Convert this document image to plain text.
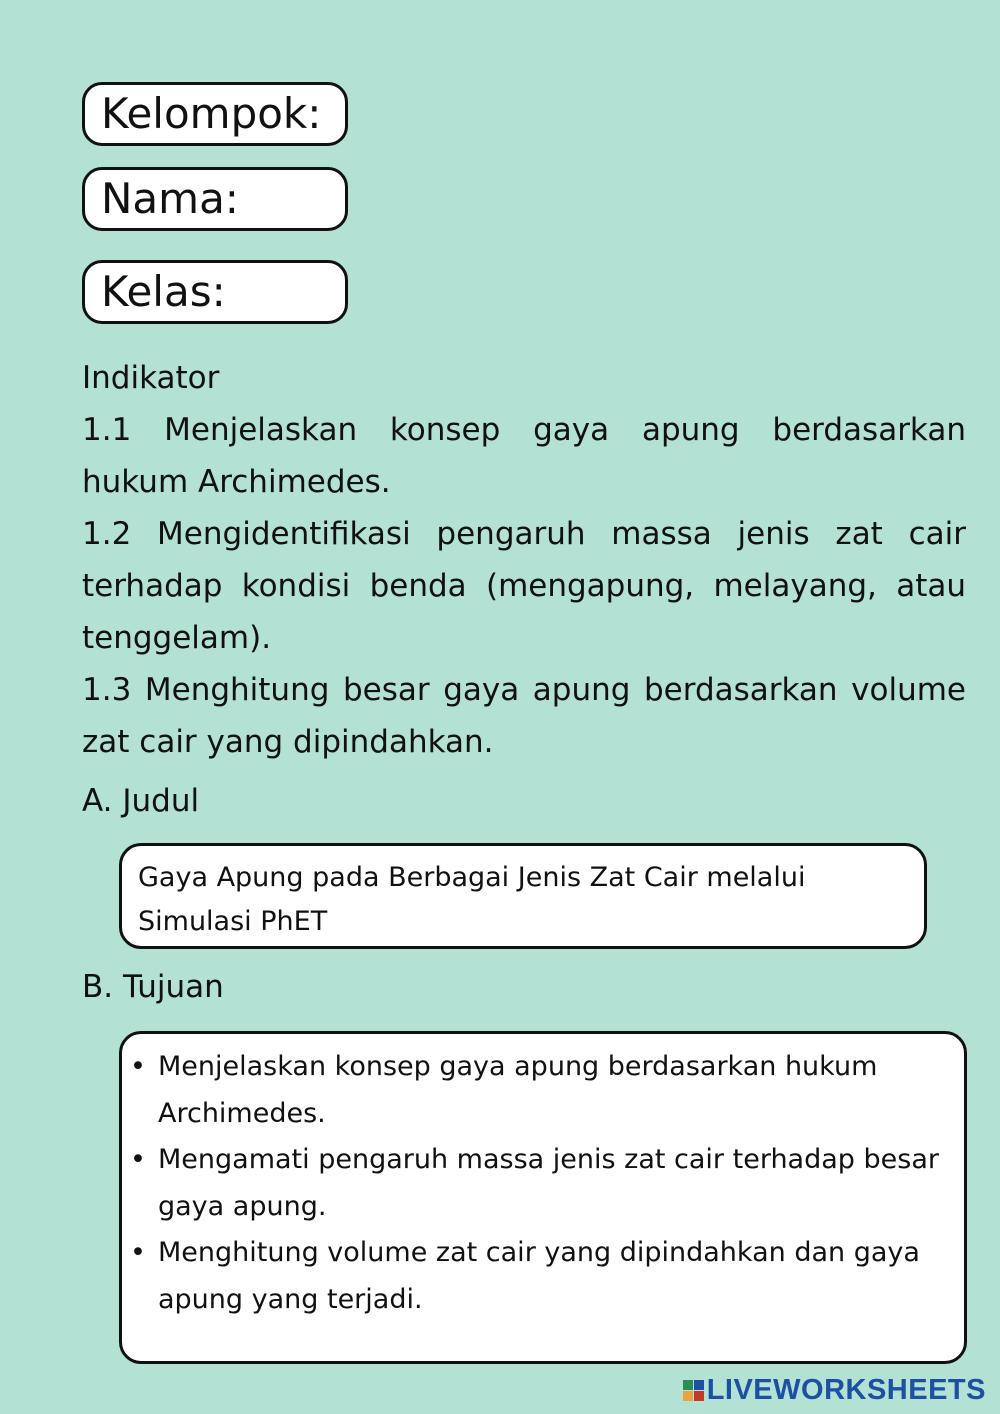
Kelompok:
Nama:
Kelas:

Indikator

1.1 Menjelaskan konsep gaya apung berdasarkan hukum Archimedes.

1.2 Mengidentifikasi pengaruh massa jenis zat cair terhadap kondisi benda (mengapung, melayang, atau tenggelam).

1.3 Menghitung besar gaya apung berdasarkan volume zat cair yang dipindahkan.

A. Judul
Gaya Apung pada Berbagai Jenis Zat Cair melalui Simulasi PhET
B. Tujuan
• Menjelaskan konsep gaya apung berdasarkan hukum Archimedes.
• Mengamati pengaruh massa jenis zat cair terhadap besar gaya apung.
• Menghitung volume zat cair yang dipindahkan dan gaya apung yang terjadi.
LIVEWORKSHEETS
